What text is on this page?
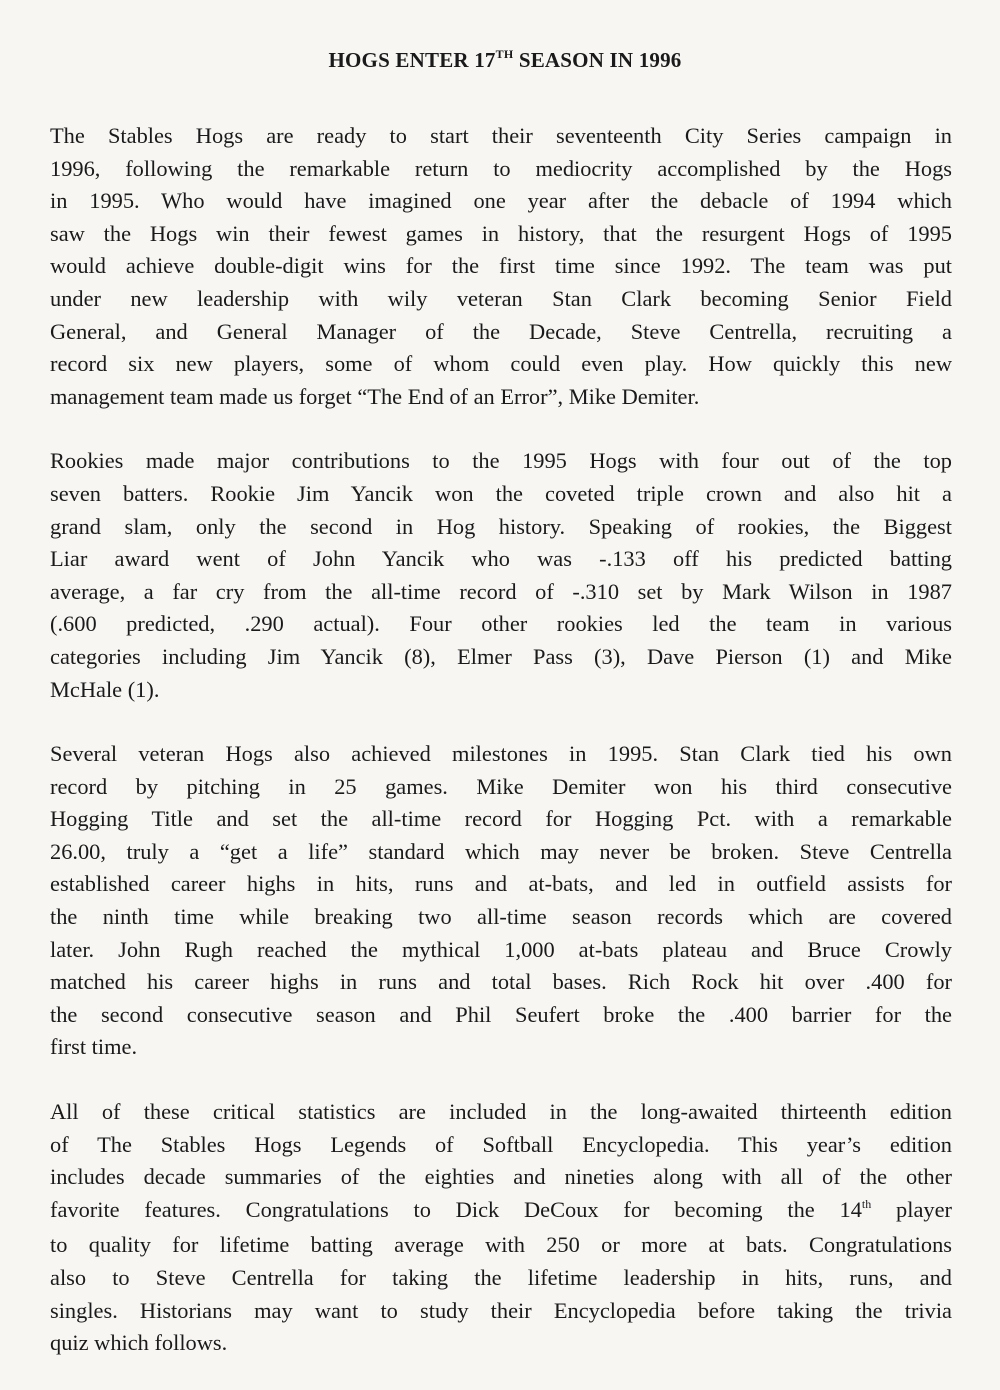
HOGS ENTER 17TH SEASON IN 1996
The Stables Hogs are ready to start their seventeenth City Series campaign in
1996, following the remarkable return to mediocrity accomplished by the Hogs
in 1995. Who would have imagined one year after the debacle of 1994 which
saw the Hogs win their fewest games in history, that the resurgent Hogs of 1995
would achieve double-digit wins for the first time since 1992. The team was put
under new leadership with wily veteran Stan Clark becoming Senior Field
General, and General Manager of the Decade, Steve Centrella, recruiting a
record six new players, some of whom could even play. How quickly this new
management team made us forget “The End of an Error”, Mike Demiter.
Rookies made major contributions to the 1995 Hogs with four out of the top
seven batters. Rookie Jim Yancik won the coveted triple crown and also hit a
grand slam, only the second in Hog history. Speaking of rookies, the Biggest
Liar award went of John Yancik who was -.133 off his predicted batting
average, a far cry from the all-time record of -.310 set by Mark Wilson in 1987
(.600 predicted, .290 actual). Four other rookies led the team in various
categories including Jim Yancik (8), Elmer Pass (3), Dave Pierson (1) and Mike
McHale (1).
Several veteran Hogs also achieved milestones in 1995. Stan Clark tied his own
record by pitching in 25 games. Mike Demiter won his third consecutive
Hogging Title and set the all-time record for Hogging Pct. with a remarkable
26.00, truly a “get a life” standard which may never be broken. Steve Centrella
established career highs in hits, runs and at-bats, and led in outfield assists for
the ninth time while breaking two all-time season records which are covered
later. John Rugh reached the mythical 1,000 at-bats plateau and Bruce Crowly
matched his career highs in runs and total bases. Rich Rock hit over .400 for
the second consecutive season and Phil Seufert broke the .400 barrier for the
first time.
All of these critical statistics are included in the long-awaited thirteenth edition
of The Stables Hogs Legends of Softball Encyclopedia. This year’s edition
includes decade summaries of the eighties and nineties along with all of the other
favorite features. Congratulations to Dick DeCoux for becoming the 14th player
to quality for lifetime batting average with 250 or more at bats. Congratulations
also to Steve Centrella for taking the lifetime leadership in hits, runs, and
singles. Historians may want to study their Encyclopedia before taking the trivia
quiz which follows.
